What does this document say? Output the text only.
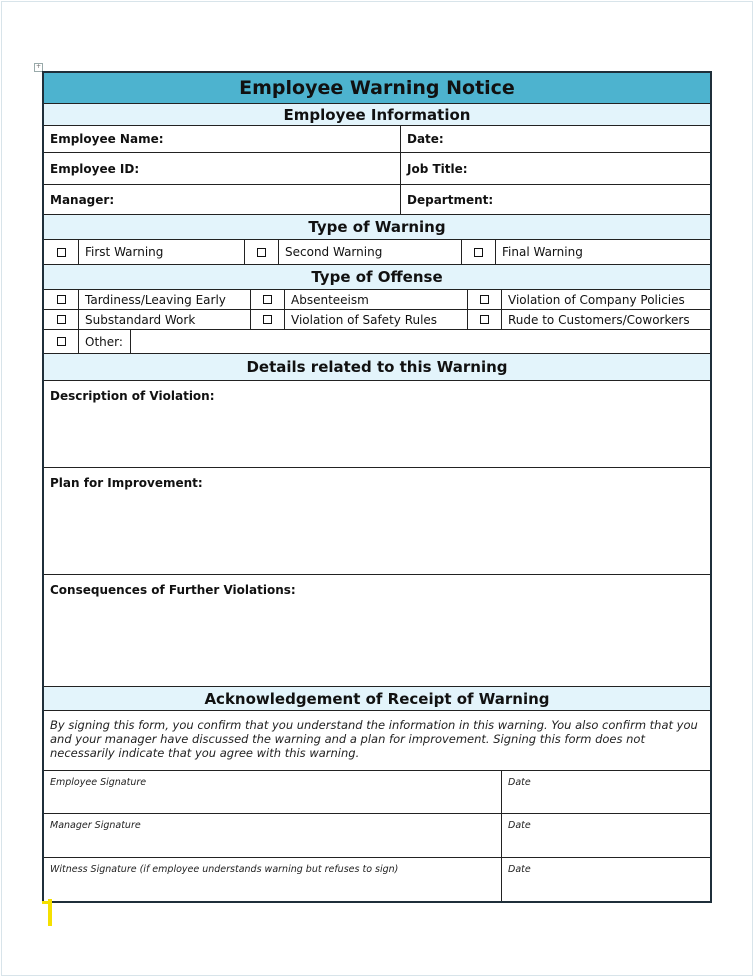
+
Employee Warning Notice
Employee Information
Employee Name:	Date:
Employee ID:	Job Title:
Manager:	Department:
Type of Warning
First Warning	Second Warning	Final Warning
Type of Offense
Tardiness/Leaving Early	Absenteeism	Violation of Company Policies
Substandard Work	Violation of Safety Rules	Rude to Customers/Coworkers
Other:
Details related to this Warning
Description of Violation:
Plan for Improvement:
Consequences of Further Violations:
Acknowledgement of Receipt of Warning
By signing this form, you confirm that you understand the information in this warning. You also confirm that you and your manager have discussed the warning and a plan for improvement. Signing this form does not necessarily indicate that you agree with this warning.
Employee Signature	Date
Manager Signature	Date
Witness Signature (if employee understands warning but refuses to sign)	Date
